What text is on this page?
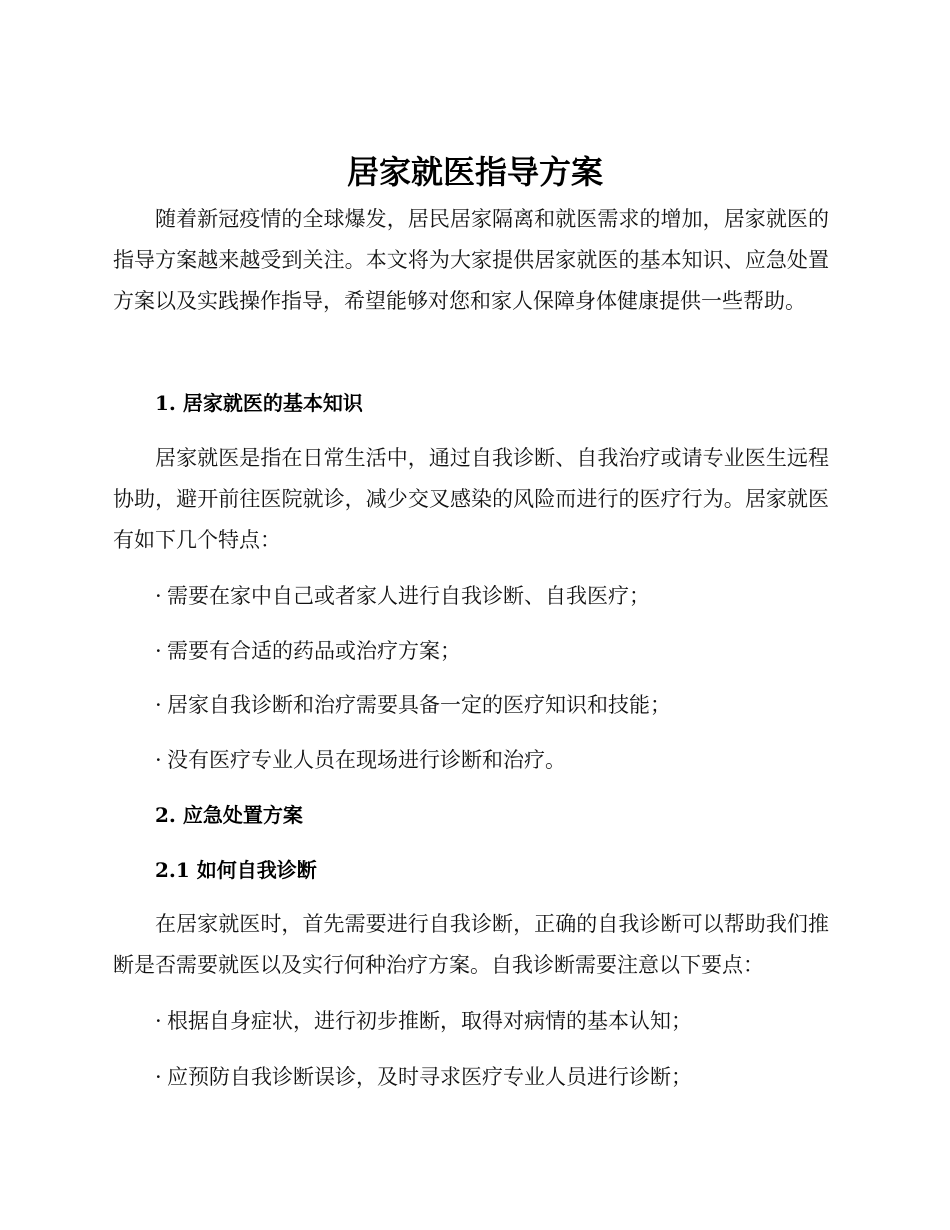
居家就医指导方案

随着新冠疫情的全球爆发，居民居家隔离和就医需求的增加，居家就医的指导方案越来越受到关注。本文将为大家提供居家就医的基本知识、应急处置方案以及实践操作指导，希望能够对您和家人保障身体健康提供一些帮助。

1. 居家就医的基本知识

居家就医是指在日常生活中，通过自我诊断、自我治疗或请专业医生远程协助，避开前往医院就诊，减少交叉感染的风险而进行的医疗行为。居家就医有如下几个特点：

· 需要在家中自己或者家人进行自我诊断、自我医疗；
· 需要有合适的药品或治疗方案；
· 居家自我诊断和治疗需要具备一定的医疗知识和技能；
· 没有医疗专业人员在现场进行诊断和治疗。
2. 应急处置方案
2.1 如何自我诊断

在居家就医时，首先需要进行自我诊断，正确的自我诊断可以帮助我们推断是否需要就医以及实行何种治疗方案。自我诊断需要注意以下要点：

· 根据自身症状，进行初步推断，取得对病情的基本认知；
· 应预防自我诊断误诊，及时寻求医疗专业人员进行诊断；
